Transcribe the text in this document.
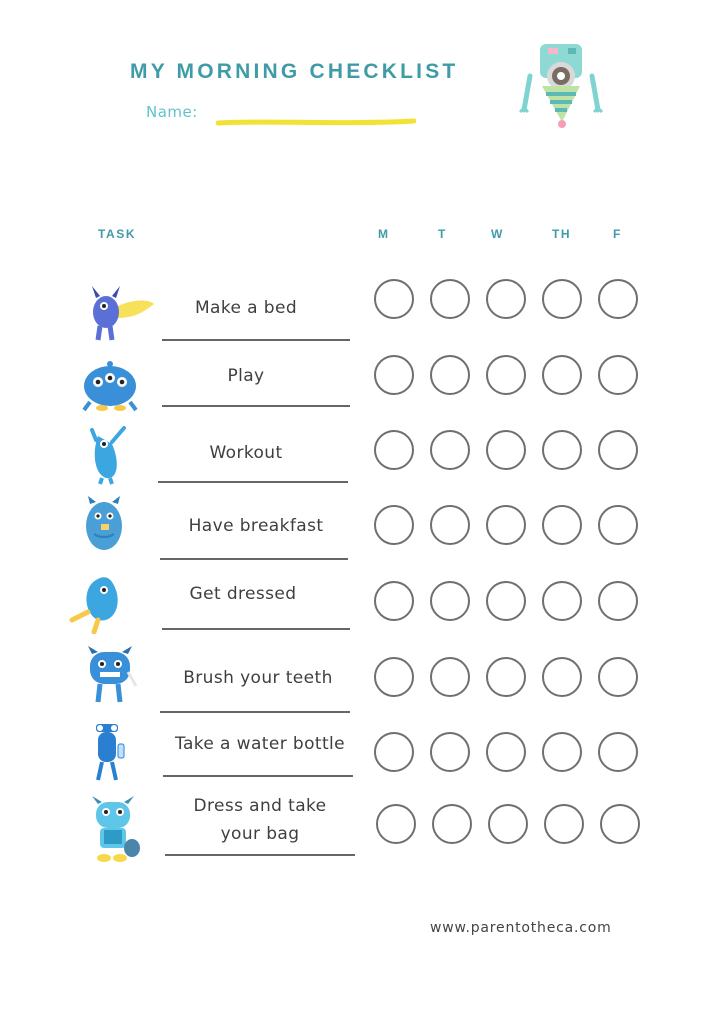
MY MORNING CHECKLIST
Name:
TASK	M	T	W	TH	F
Make a bed
Play
Workout
Have breakfast
Get dressed
Brush your teeth
Take a water bottle
Dress and take
your bag
www.parentotheca.com
